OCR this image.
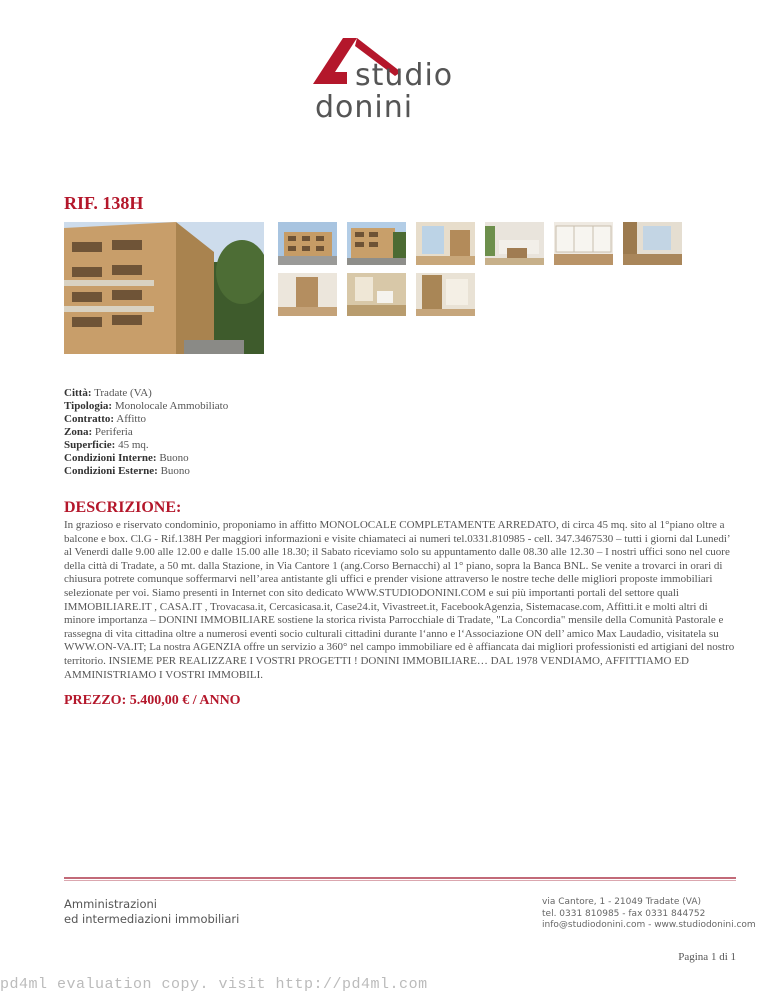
studio
donini
RIF. 138H
Città: Tradate (VA)
Tipologia: Monolocale Ammobiliato
Contratto: Affitto
Zona: Periferia
Superficie: 45 mq.
Condizioni Interne: Buono
Condizioni Esterne: Buono
DESCRIZIONE:
In grazioso e riservato condominio, proponiamo in affitto MONOLOCALE COMPLETAMENTE ARREDATO, di circa 45 mq. sito al 1°piano oltre a balcone e box. Cl.G - Rif.138H Per maggiori informazioni e visite chiamateci ai numeri tel.0331.810985 - cell. 347.3467530 – tutti i giorni dal Lunedi’ al Venerdi dalle 9.00 alle 12.00 e dalle 15.00 alle 18.30; il Sabato riceviamo solo su appuntamento dalle 08.30 alle 12.30 – I nostri uffici sono nel cuore della città di Tradate, a 50 mt. dalla Stazione, in Via Cantore 1 (ang.Corso Bernacchi) al 1° piano, sopra la Banca BNL. Se venite a trovarci in orari di chiusura potrete comunque soffermarvi nell’area antistante gli uffici e prender visione attraverso le nostre teche delle migliori proposte immobiliari selezionate per voi. Siamo presenti in Internet con sito dedicato WWW.STUDIODONINI.COM e sui più importanti portali del settore quali IMMOBILIARE.IT , CASA.IT , Trovacasa.it, Cercasicasa.it, Case24.it, Vivastreet.it, FacebookAgenzia, Sistemacase.com, Affitti.it e molti altri di minore importanza – DONINI IMMOBILIARE sostiene la storica rivista Parrocchiale di Tradate, "La Concordia" mensile della Comunità Pastorale e rassegna di vita cittadina oltre a numerosi eventi socio culturali cittadini durante l‘anno e l‘Associazione ON dell’ amico Max Laudadio, visitatela su WWW.ON-VA.IT; La nostra AGENZIA offre un servizio a 360° nel campo immobiliare ed è affiancata dai migliori professionisti ed artigiani del nostro territorio. INSIEME PER REALIZZARE I VOSTRI PROGETTI ! DONINI IMMOBILIARE… DAL 1978 VENDIAMO, AFFITTIAMO ED AMMINISTRIAMO I VOSTRI IMMOBILI.
PREZZO: 5.400,00 € / ANNO
Amministrazioni
ed intermediazioni immobiliari
via Cantore, 1 - 21049 Tradate (VA)
tel. 0331 810985 - fax 0331 844752
info@studiodonini.com - www.studiodonini.com
Pagina 1 di 1
pd4ml evaluation copy. visit http://pd4ml.com
